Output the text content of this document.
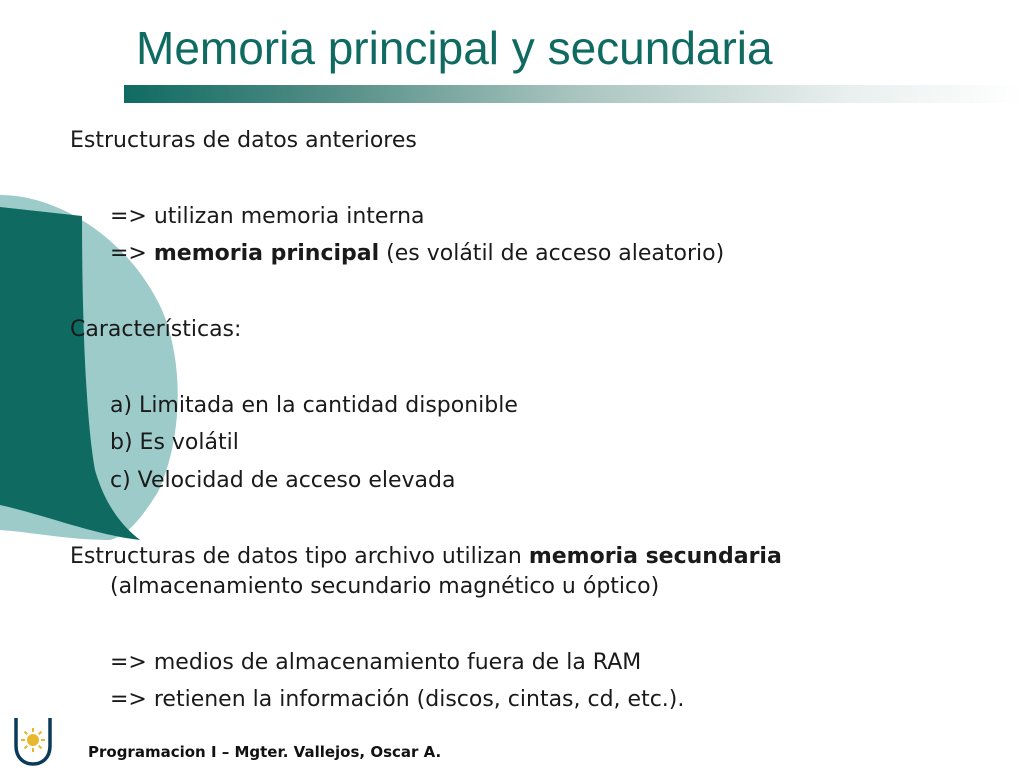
Memoria principal y secundaria
Estructuras de datos anteriores
=> utilizan memoria interna
=> memoria principal (es volátil de acceso aleatorio)
Características:
a) Limitada en la cantidad disponible
b) Es volátil
c) Velocidad de acceso elevada
Estructuras de datos tipo archivo utilizan memoria secundaria (almacenamiento secundario magnético u óptico)
=> medios de almacenamiento fuera de la RAM
=> retienen la información (discos, cintas, cd, etc.).
Programacion I – Mgter. Vallejos, Oscar A.
